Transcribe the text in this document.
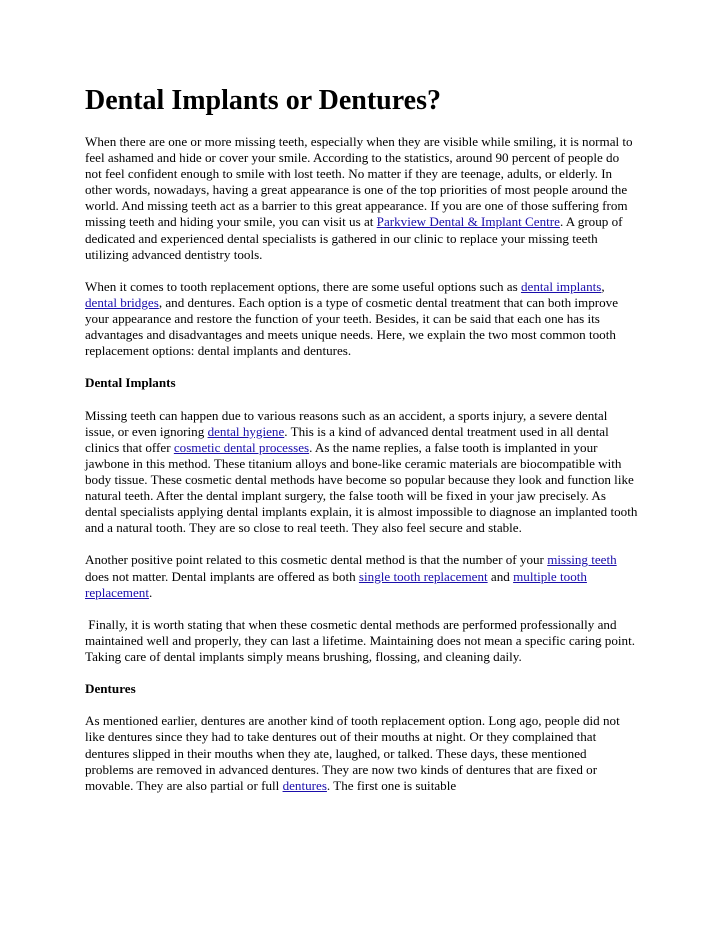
Dental Implants or Dentures?

When there are one or more missing teeth, especially when they are visible while smiling, it is normal to feel ashamed and hide or cover your smile. According to the statistics, around 90 percent of people do not feel confident enough to smile with lost teeth. No matter if they are teenage, adults, or elderly. In other words, nowadays, having a great appearance is one of the top priorities of most people around the world. And missing teeth act as a barrier to this great appearance. If you are one of those suffering from missing teeth and hiding your smile, you can visit us at Parkview Dental & Implant Centre. A group of dedicated and experienced dental specialists is gathered in our clinic to replace your missing teeth utilizing advanced dentistry tools.

When it comes to tooth replacement options, there are some useful options such as dental implants, dental bridges, and dentures. Each option is a type of cosmetic dental treatment that can both improve your appearance and restore the function of your teeth. Besides, it can be said that each one has its advantages and disadvantages and meets unique needs. Here, we explain the two most common tooth replacement options: dental implants and dentures.

Dental Implants

Missing teeth can happen due to various reasons such as an accident, a sports injury, a severe dental issue, or even ignoring dental hygiene. This is a kind of advanced dental treatment used in all dental clinics that offer cosmetic dental processes. As the name replies, a false tooth is implanted in your jawbone in this method. These titanium alloys and bone-like ceramic materials are biocompatible with body tissue. These cosmetic dental methods have become so popular because they look and function like natural teeth. After the dental implant surgery, the false tooth will be fixed in your jaw precisely. As dental specialists applying dental implants explain, it is almost impossible to diagnose an implanted tooth and a natural tooth. They are so close to real teeth. They also feel secure and stable.

Another positive point related to this cosmetic dental method is that the number of your missing teeth does not matter. Dental implants are offered as both single tooth replacement and multiple tooth replacement.

Finally, it is worth stating that when these cosmetic dental methods are performed professionally and maintained well and properly, they can last a lifetime. Maintaining does not mean a specific caring point. Taking care of dental implants simply means brushing, flossing, and cleaning daily.

Dentures

As mentioned earlier, dentures are another kind of tooth replacement option. Long ago, people did not like dentures since they had to take dentures out of their mouths at night. Or they complained that dentures slipped in their mouths when they ate, laughed, or talked. These days, these mentioned problems are removed in advanced dentures. They are now two kinds of dentures that are fixed or movable. They are also partial or full dentures. The first one is suitable
